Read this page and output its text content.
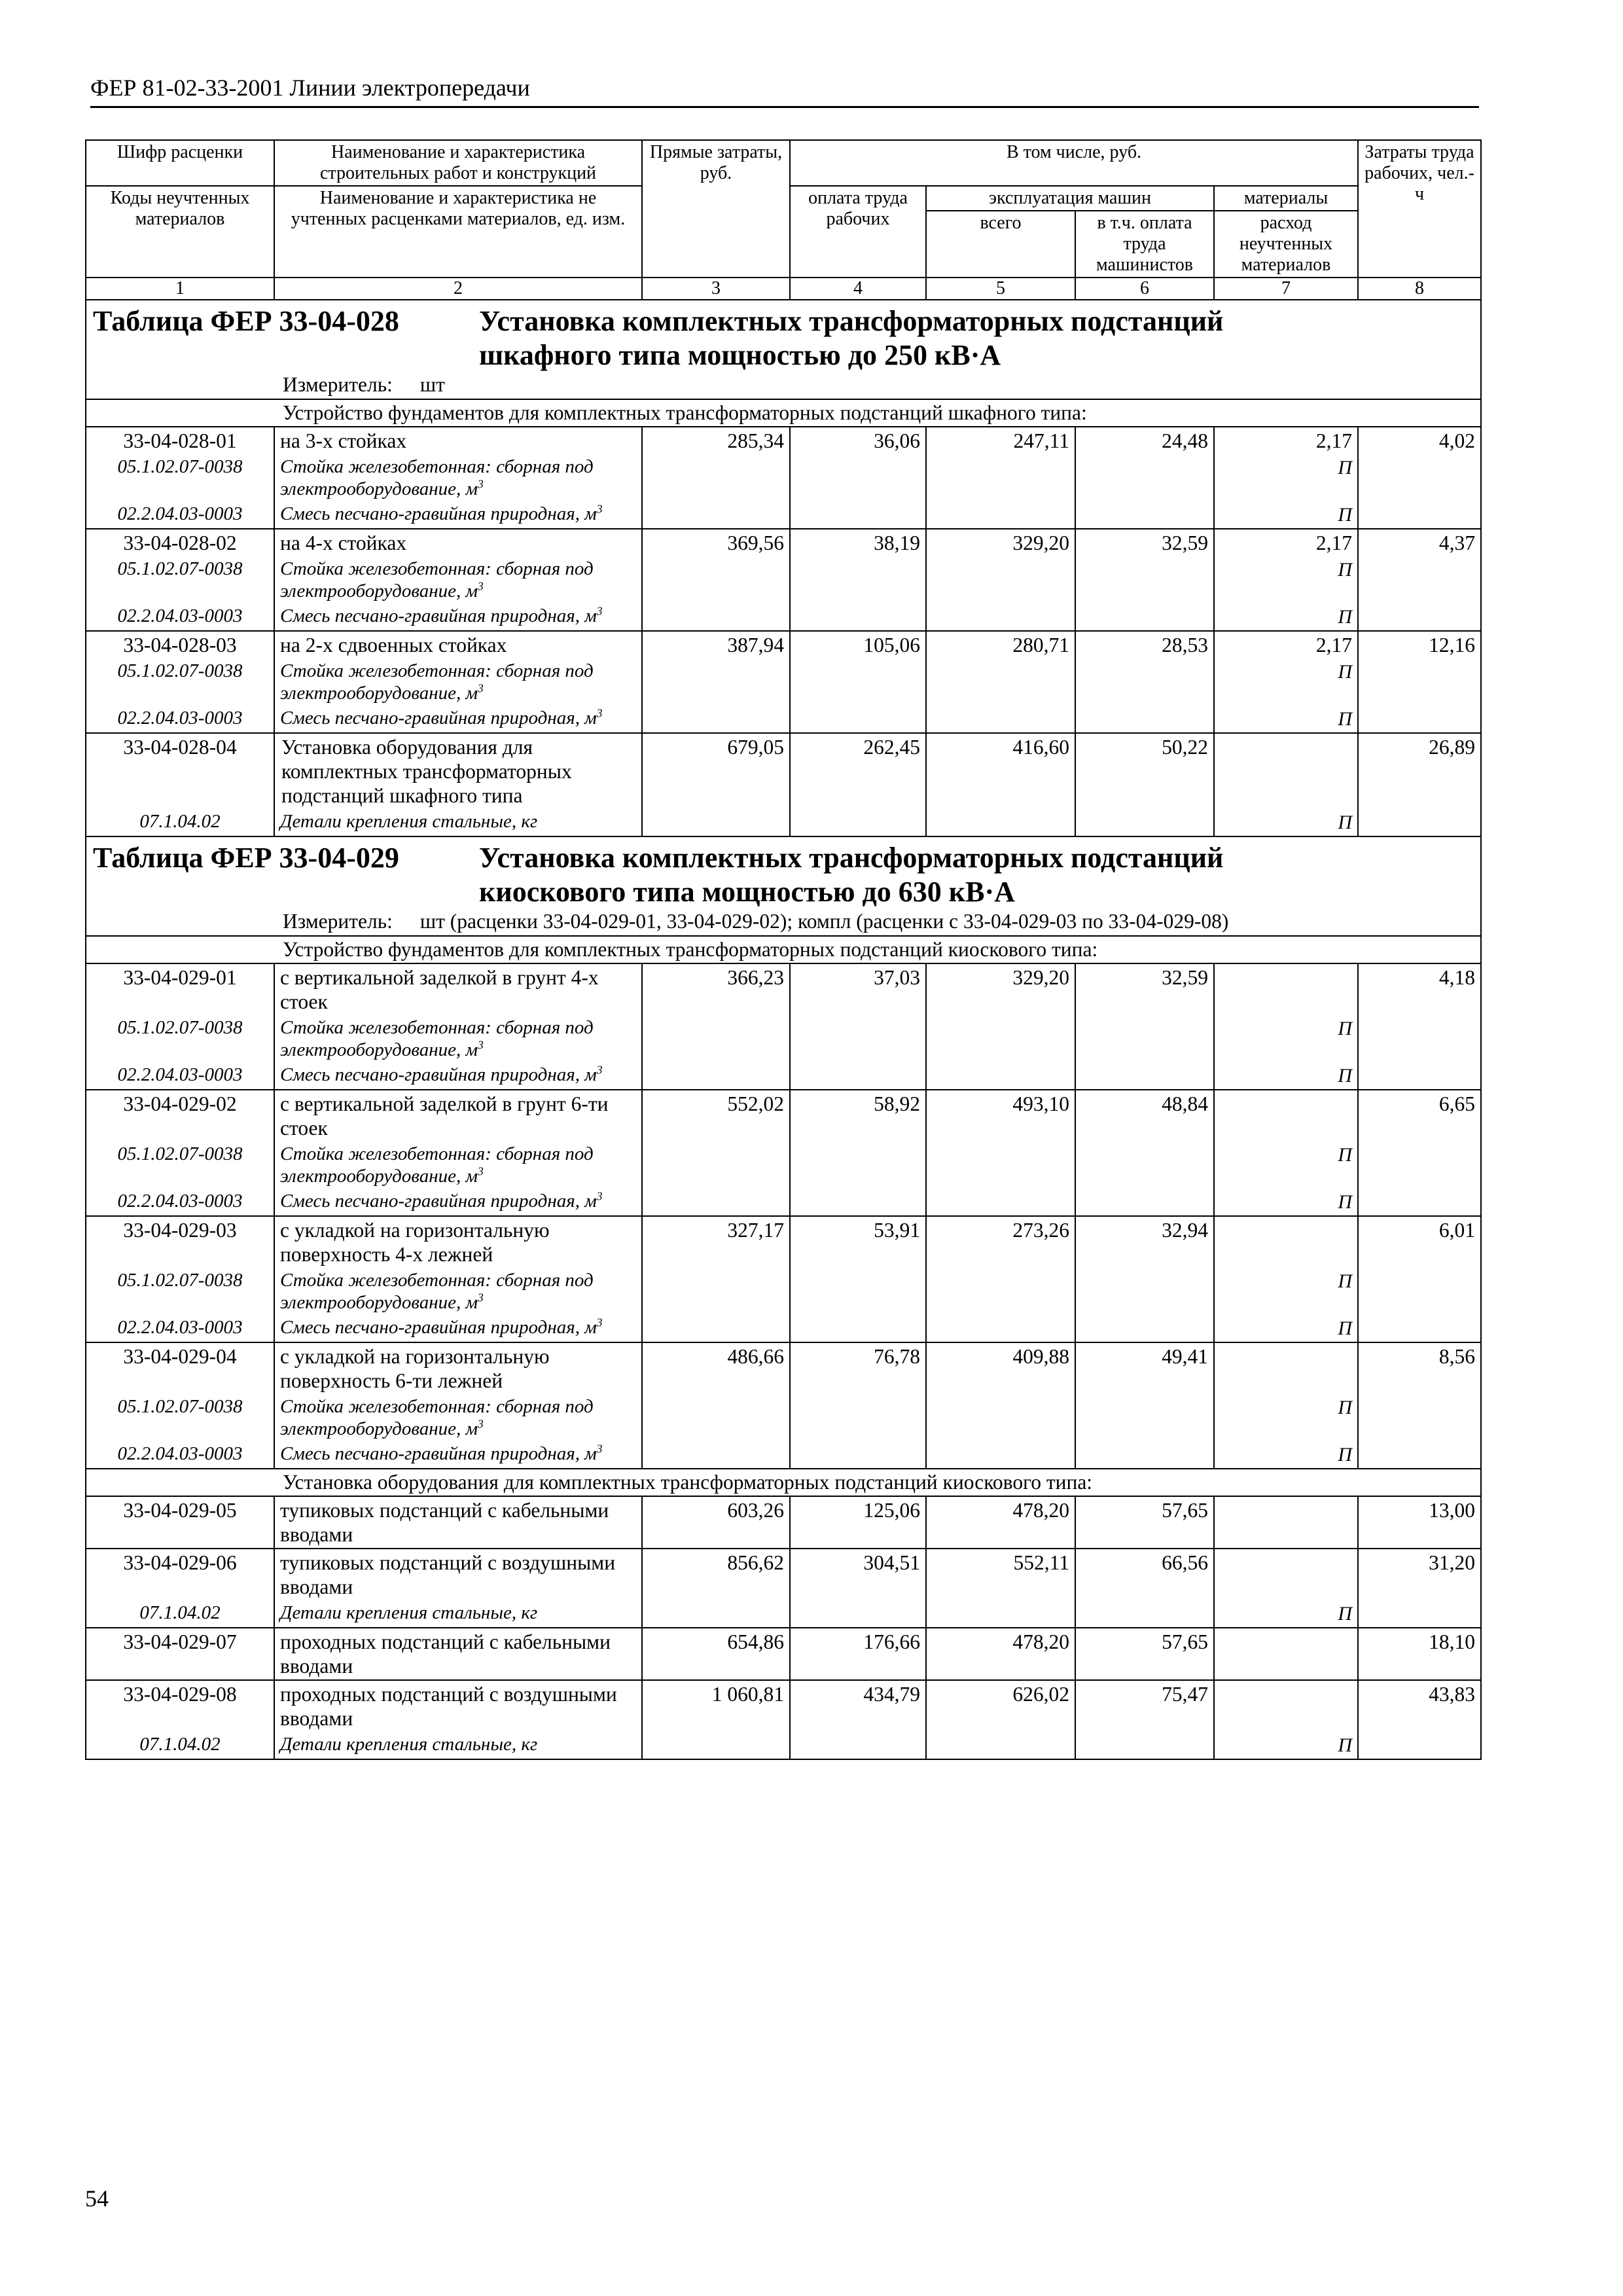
ФЕР 81-02-33-2001 Линии электропередачи
Шифр расценки	Наименование и характеристика строительных работ и конструкций	Прямые затраты, руб.	В том числе, руб.				Затраты труда рабочих, чел.-ч
Коды неучтенных материалов	Наименование и характеристика не учтенных расценками материалов, ед. изм.		оплата труда рабочих	эксплуатация машин		материалы	
				всего	в т.ч. оплата труда машинистов	расход неучтенных материалов	
1	2	3	4	5	6	7	8

Таблица ФЕР 33-04-028 Установка комплектных трансформаторных подстанций
шкафного типа мощностью до 250 кВ·А
Измеритель: шт							

Устройство фундаментов для комплектных трансформаторных подстанций шкафного типа:							
33-04-028-01	на 3-х стойках	285,34	36,06	247,11	24,48	2,17	4,02
05.1.02.07-0038	Стойка железобетонная: сборная под электрооборудование, $м^3$					П	
02.2.04.03-0003	Смесь песчано-гравийная природная, $м^3$					П	
33-04-028-02	на 4-х стойках	369,56	38,19	329,20	32,59	2,17	4,37
05.1.02.07-0038	Стойка железобетонная: сборная под электрооборудование, $м^3$					П	
02.2.04.03-0003	Смесь песчано-гравийная природная, $м^3$					П	
33-04-028-03	на 2-х сдвоенных стойках	387,94	105,06	280,71	28,53	2,17	12,16
05.1.02.07-0038	Стойка железобетонная: сборная под электрооборудование, $м^3$					П	
02.2.04.03-0003	Смесь песчано-гравийная природная, $м^3$					П	
33-04-028-04	Установка оборудования для комплектных трансформаторных подстанций шкафного типа	679,05	262,45	416,60	50,22		26,89
07.1.04.02	Детали крепления стальные, кг					П	

Таблица ФЕР 33-04-029 Установка комплектных трансформаторных подстанций
киоскового типа мощностью до 630 кВ·А
Измеритель: шт (расценки 33-04-029-01, 33-04-029-02); компл (расценки с 33-04-029-03 по 33-04-029-08)							

Устройство фундаментов для комплектных трансформаторных подстанций киоскового типа:							
33-04-029-01	с вертикальной заделкой в грунт 4-х стоек	366,23	37,03	329,20	32,59		4,18
05.1.02.07-0038	Стойка железобетонная: сборная под электрооборудование, $м^3$					П	
02.2.04.03-0003	Смесь песчано-гравийная природная, $м^3$					П	
33-04-029-02	с вертикальной заделкой в грунт 6-ти стоек	552,02	58,92	493,10	48,84		6,65
05.1.02.07-0038	Стойка железобетонная: сборная под электрооборудование, $м^3$					П	
02.2.04.03-0003	Смесь песчано-гравийная природная, $м^3$					П	
33-04-029-03	с укладкой на горизонтальную поверхность 4-х лежней	327,17	53,91	273,26	32,94		6,01
05.1.02.07-0038	Стойка железобетонная: сборная под электрооборудование, $м^3$					П	
02.2.04.03-0003	Смесь песчано-гравийная природная, $м^3$					П	
33-04-029-04	с укладкой на горизонтальную поверхность 6-ти лежней	486,66	76,78	409,88	49,41		8,56
05.1.02.07-0038	Стойка железобетонная: сборная под электрооборудование, $м^3$					П	
02.2.04.03-0003	Смесь песчано-гравийная природная, $м^3$					П	
Установка оборудования для комплектных трансформаторных подстанций киоскового типа:							
33-04-029-05	тупиковых подстанций с кабельными вводами	603,26	125,06	478,20	57,65		13,00
33-04-029-06	тупиковых подстанций с воздушными вводами	856,62	304,51	552,11	66,56		31,20
07.1.04.02	Детали крепления стальные, кг					П	
33-04-029-07	проходных подстанций с кабельными вводами	654,86	176,66	478,20	57,65		18,10
33-04-029-08	проходных подстанций с воздушными вводами	1 060,81	434,79	626,02	75,47		43,83
07.1.04.02	Детали крепления стальные, кг					П	
54
